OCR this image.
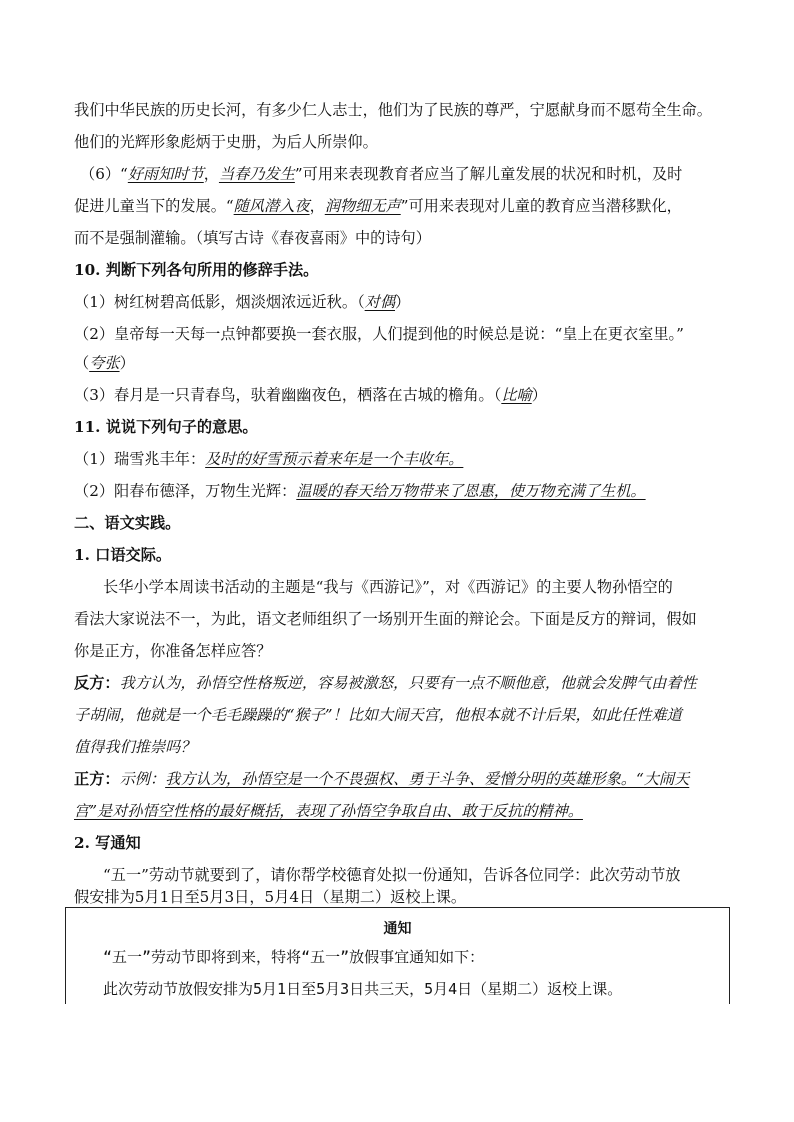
我们中华民族的历史长河，有多少仁人志士，他们为了民族的尊严，宁愿献身而不愿苟全生命。
他们的光辉形象彪炳于史册，为后人所崇仰。
（6）“好雨知时节，当春乃发生”可用来表现教育者应当了解儿童发展的状况和时机，及时
促进儿童当下的发展。“随风潜入夜，润物细无声”可用来表现对儿童的教育应当潜移默化，
而不是强制灌输。（填写古诗《春夜喜雨》中的诗句）
10. 判断下列各句所用的修辞手法。
（1）树红树碧高低影，烟淡烟浓远近秋。（对偶）
（2）皇帝每一天每一点钟都要换一套衣服，人们提到他的时候总是说：“皇上在更衣室里。”
（夸张）
（3）春月是一只青春鸟，驮着幽幽夜色，栖落在古城的檐角。（比喻）
11. 说说下列句子的意思。
（1）瑞雪兆丰年：及时的好雪预示着来年是一个丰收年。
（2）阳春布德泽，万物生光辉：温暖的春天给万物带来了恩惠，使万物充满了生机。
二、语文实践。
1. 口语交际。
长华小学本周读书活动的主题是“我与《西游记》”，对《西游记》的主要人物孙悟空的
看法大家说法不一，为此，语文老师组织了一场别开生面的辩论会。下面是反方的辩词，假如
你是正方，你准备怎样应答？
反方：我方认为，孙悟空性格叛逆，容易被激怒，只要有一点不顺他意，他就会发脾气由着性
子胡闹，他就是一个毛毛躁躁的“猴子”！比如大闹天宫，他根本就不计后果，如此任性难道
值得我们推崇吗？
正方：示例：我方认为，孙悟空是一个不畏强权、勇于斗争、爱憎分明的英雄形象。“大闹天
宫”是对孙悟空性格的最好概括，表现了孙悟空争取自由、敢于反抗的精神。
2. 写通知
“五一”劳动节就要到了，请你帮学校德育处拟一份通知，告诉各位同学：此次劳动节放
假安排为5月1日至5月3日，5月4日（星期二）返校上课。
通知
“五一”劳动节即将到来，特将“五一”放假事宜通知如下：
此次劳动节放假安排为5月1日至5月3日共三天，5月4日（星期二）返校上课。
